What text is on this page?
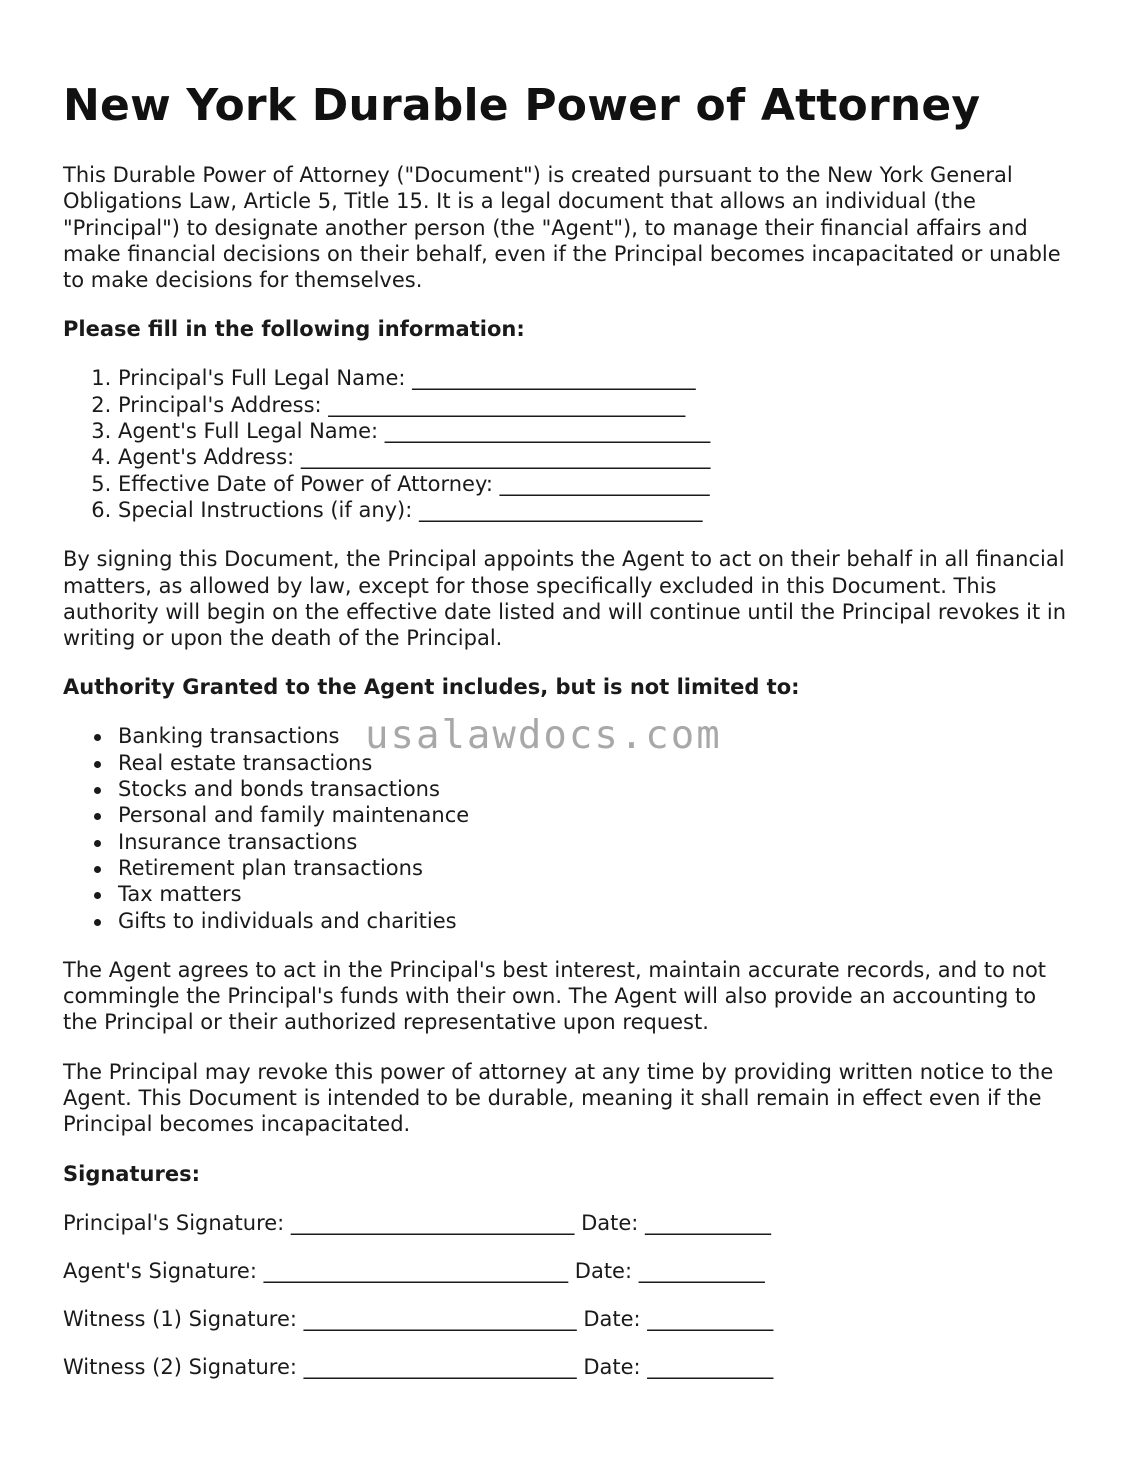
New York Durable Power of Attorney

This Durable Power of Attorney ("Document") is created pursuant to the New York General Obligations Law, Article 5, Title 15. It is a legal document that allows an individual (the "Principal") to designate another person (the "Agent"), to manage their financial affairs and make financial decisions on their behalf, even if the Principal becomes incapacitated or unable to make decisions for themselves.

Please fill in the following information:
1. Principal's Full Legal Name: ___________________________
2. Principal's Address: __________________________________
3. Agent's Full Legal Name: _______________________________
4. Agent's Address: _______________________________________
5. Effective Date of Power of Attorney: ____________________
6. Special Instructions (if any): ___________________________

By signing this Document, the Principal appoints the Agent to act on their behalf in all financial matters, as allowed by law, except for those specifically excluded in this Document. This authority will begin on the effective date listed and will continue until the Principal revokes it in writing or upon the death of the Principal.

Authority Granted to the Agent includes, but is not limited to:
Banking transactions
Real estate transactions
Stocks and bonds transactions
Personal and family maintenance
Insurance transactions
Retirement plan transactions
Tax matters
Gifts to individuals and charities

The Agent agrees to act in the Principal's best interest, maintain accurate records, and to not commingle the Principal's funds with their own. The Agent will also provide an accounting to the Principal or their authorized representative upon request.

The Principal may revoke this power of attorney at any time by providing written notice to the Agent. This Document is intended to be durable, meaning it shall remain in effect even if the Principal becomes incapacitated.

Signatures:
Principal's Signature: ___________________________ Date: ____________
Agent's Signature: _____________________________ Date: ____________
Witness (1) Signature: __________________________ Date: ____________
Witness (2) Signature: __________________________ Date: ____________
usalawdocs.com
